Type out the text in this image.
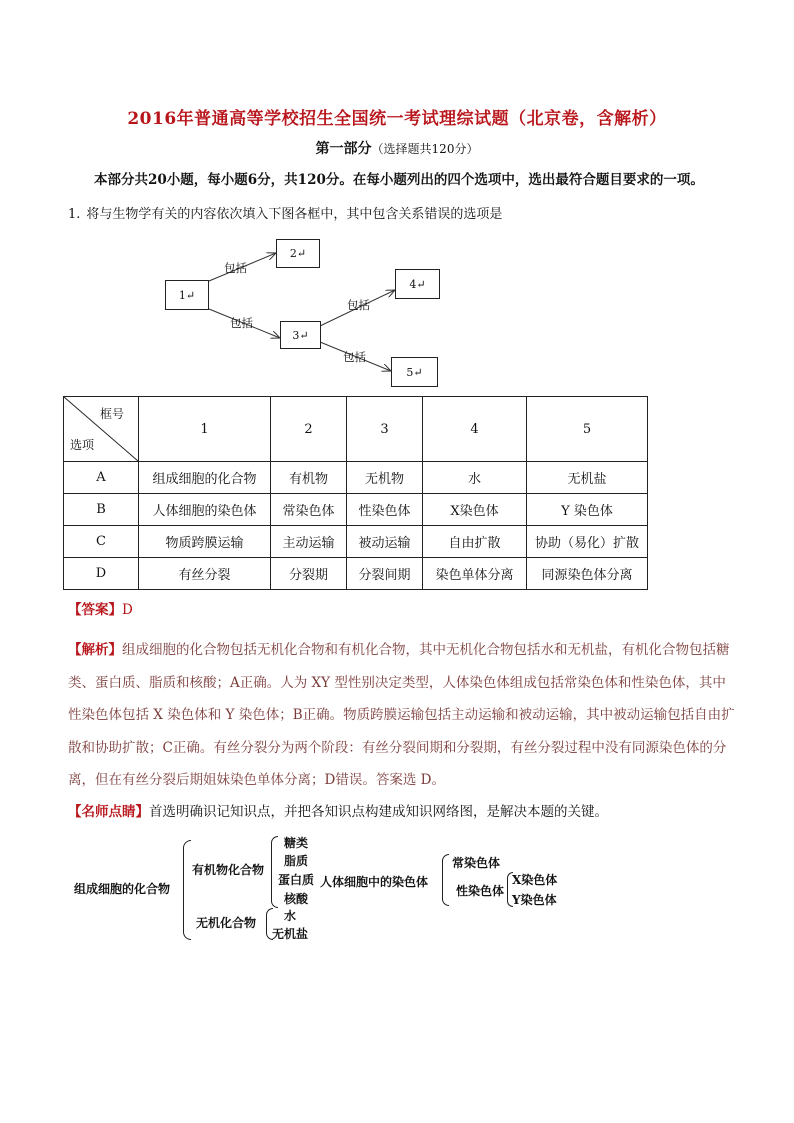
2016年普通高等学校招生全国统一考试理综试题（北京卷，含解析）
第一部分（选择题共120分）
本部分共20小题，每小题6分，共120分。在每小题列出的四个选项中，选出最符合题目要求的一项。
1. 将与生物学有关的内容依次填入下图各框中，其中包含关系错误的选项是
1↵
2↵
3↵
4↵
5↵
包括
包括
包括
包括
框号
选项	1	2	3	4	5
A	组成细胞的化合物	有机物	无机物	水	无机盐
B	人体细胞的染色体	常染色体	性染色体	X染色体	Y 染色体
C	物质跨膜运输	主动运输	被动运输	自由扩散	协助（易化）扩散
D	有丝分裂	分裂期	分裂间期	染色单体分离	同源染色体分离
【答案】D
【解析】组成细胞的化合物包括无机化合物和有机化合物，其中无机化合物包括水和无机盐，有机化合物包括糖类、蛋白质、脂质和核酸；A正确。人为 XY 型性别决定类型，人体染色体组成包括常染色体和性染色体，其中性染色体包括 X 染色体和 Y 染色体；B正确。物质跨膜运输包括主动运输和被动运输，其中被动运输包括自由扩散和协助扩散；C正确。有丝分裂分为两个阶段：有丝分裂间期和分裂期，有丝分裂过程中没有同源染色体的分离，但在有丝分裂后期姐妹染色单体分离；D错误。答案选 D。
【名师点睛】首选明确识记知识点，并把各知识点构建成知识网络图，是解决本题的关键。
组成细胞的化合物
有机物化合物
糖类
脂质
蛋白质
核酸
无机化合物 水
无机盐
人体细胞中的染色体
常染色体
性染色体
X染色体
Y染色体
